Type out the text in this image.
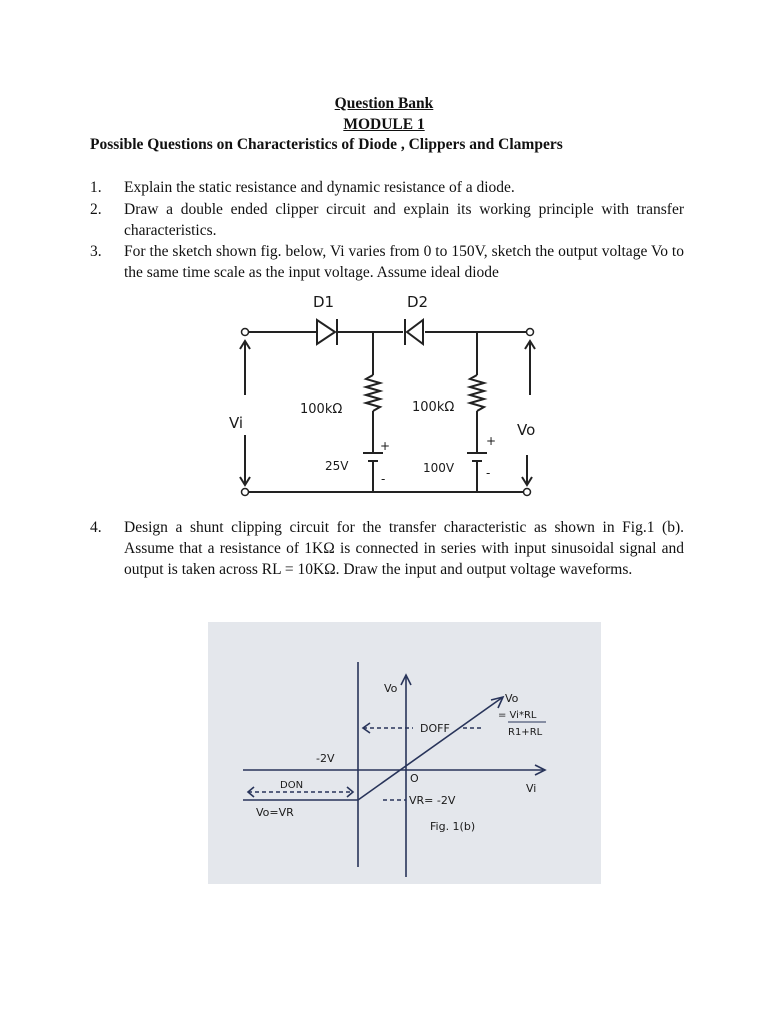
Question Bank
MODULE 1
Possible Questions on Characteristics of Diode , Clippers and Clampers
1.	Explain the static resistance and dynamic resistance of a diode.
2.	Draw a double ended clipper circuit and explain its working principle with transfer characteristics.
3.	For the sketch shown fig. below, Vi varies from 0 to 150V, sketch the output voltage Vo to the same time scale as the input voltage. Assume ideal diode
D1	D2
100kΩ	100kΩ
Vi	Vo
25V	100V
+
-
+
-
4.	Design a shunt clipping circuit for the transfer characteristic as shown in Fig.1 (b). Assume that a resistance of 1KΩ is connected in series with input sinusoidal signal and output is taken across RL = 10KΩ. Draw the input and output voltage waveforms.
Vo
Vi
O
DOFF
Vo
= Vi*RL
R1+RL
-2V
DON
Vo=VR
VR= -2V
Fig. 1(b)
